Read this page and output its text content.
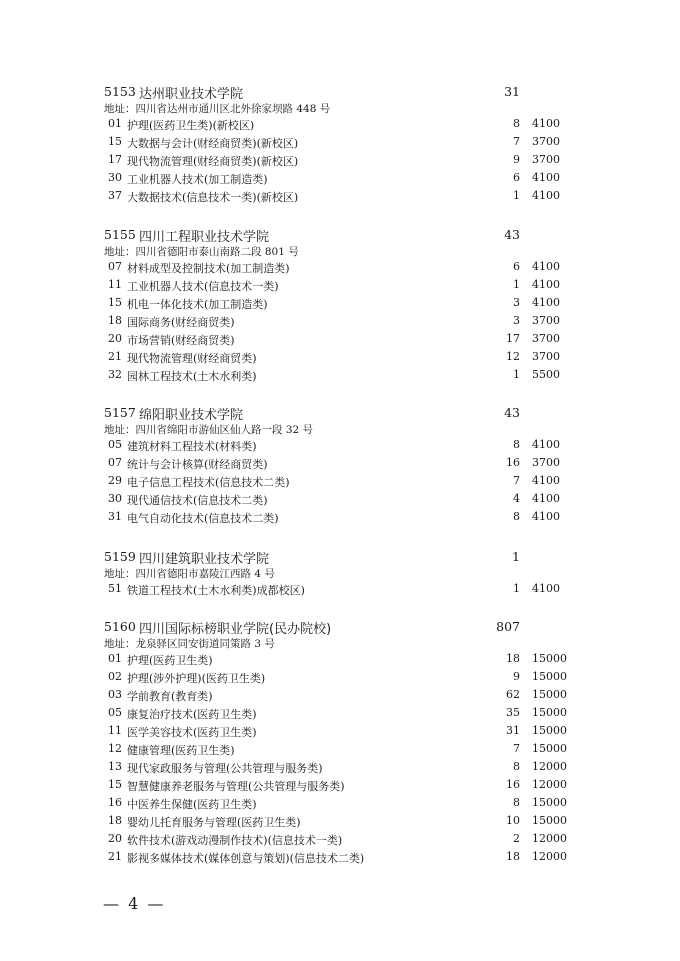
5153 达州职业技术学院	31
地址：四川省达州市通川区北外徐家坝路 448 号
01 护理(医药卫生类)(新校区)	8 4100
15 大数据与会计(财经商贸类)(新校区)	7 3700
17 现代物流管理(财经商贸类)(新校区)	9 3700
30 工业机器人技术(加工制造类)	6 4100
37 大数据技术(信息技术一类)(新校区)	1 4100
5155 四川工程职业技术学院	43
地址：四川省德阳市泰山南路二段 801 号
07 材料成型及控制技术(加工制造类)	6 4100
11 工业机器人技术(信息技术一类)	1 4100
15 机电一体化技术(加工制造类)	3 4100
18 国际商务(财经商贸类)	3 3700
20 市场营销(财经商贸类)	17 3700
21 现代物流管理(财经商贸类)	12 3700
32 园林工程技术(土木水利类)	1 5500
5157 绵阳职业技术学院	43
地址：四川省绵阳市游仙区仙人路一段 32 号
05 建筑材料工程技术(材料类)	8 4100
07 统计与会计核算(财经商贸类)	16 3700
29 电子信息工程技术(信息技术二类)	7 4100
30 现代通信技术(信息技术二类)	4 4100
31 电气自动化技术(信息技术二类)	8 4100
5159 四川建筑职业技术学院	1
地址：四川省德阳市嘉陵江西路 4 号
51 铁道工程技术(土木水利类)成都校区)	1 4100
5160 四川国际标榜职业学院(民办院校)	807
地址：龙泉驿区同安街道同策路 3 号
01 护理(医药卫生类)	18 15000
02 护理(涉外护理)(医药卫生类)	9 15000
03 学前教育(教育类)	62 15000
05 康复治疗技术(医药卫生类)	35 15000
11 医学美容技术(医药卫生类)	31 15000
12 健康管理(医药卫生类)	7 15000
13 现代家政服务与管理(公共管理与服务类)	8 12000
15 智慧健康养老服务与管理(公共管理与服务类)	16 12000
16 中医养生保健(医药卫生类)	8 15000
18 婴幼儿托育服务与管理(医药卫生类)	10 15000
20 软件技术(游戏动漫制作技术)(信息技术一类)	2 12000
21 影视多媒体技术(媒体创意与策划)(信息技术二类)	18 12000
— 4 —
